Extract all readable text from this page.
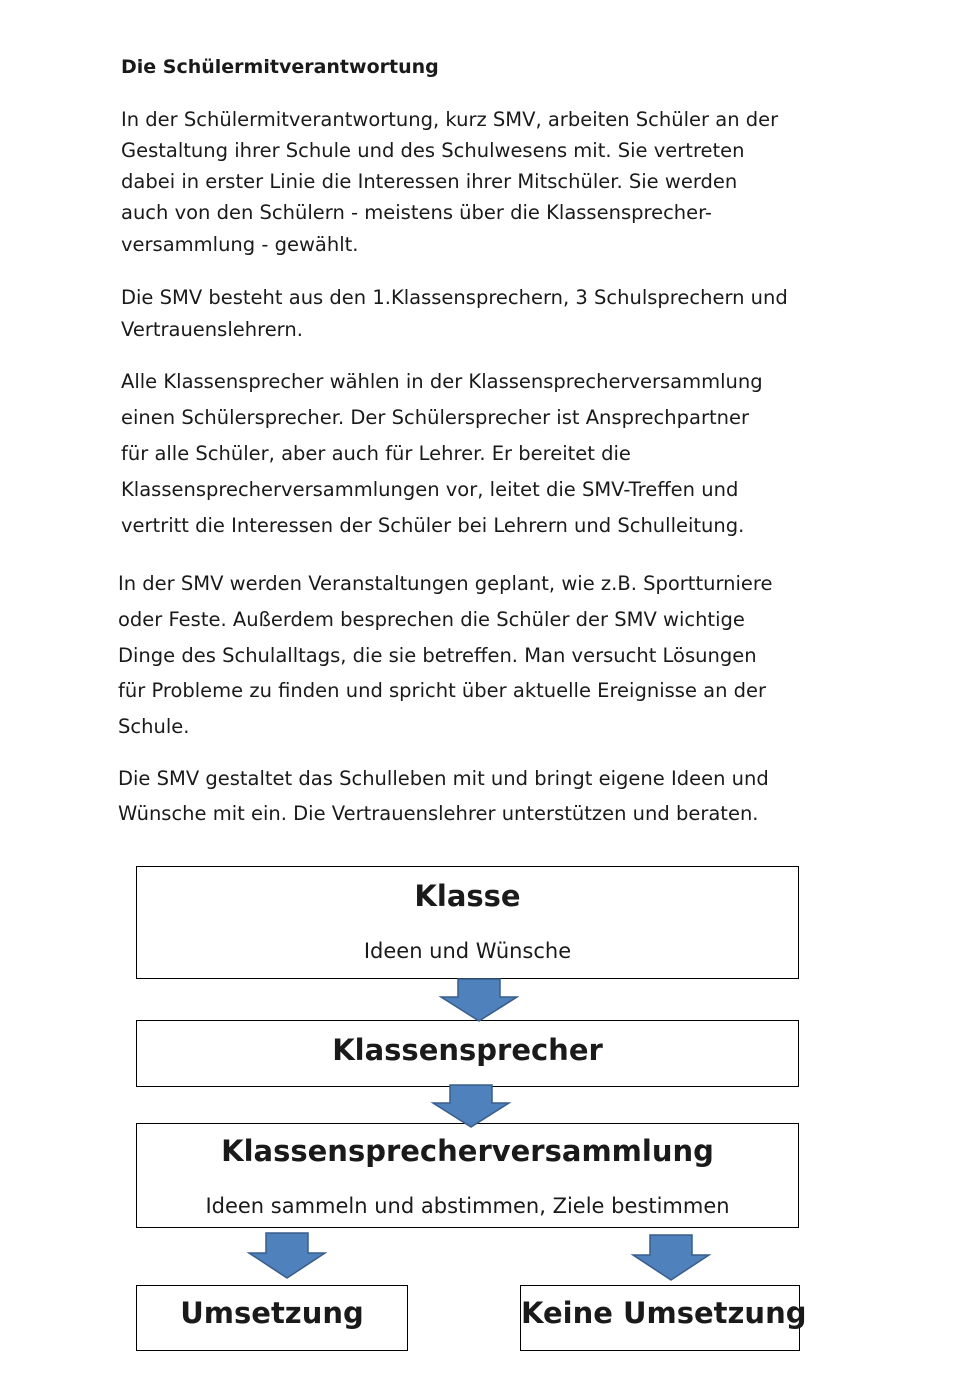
Die Schülermitverantwortung
In der Schülermitverantwortung, kurz SMV, arbeiten Schüler an der
Gestaltung ihrer Schule und des Schulwesens mit. Sie vertreten
dabei in erster Linie die Interessen ihrer Mitschüler. Sie werden
auch von den Schülern - meistens über die Klassensprecher-
versammlung - gewählt.
Die SMV besteht aus den 1.Klassensprechern, 3 Schulsprechern und
Vertrauenslehrern.
Alle Klassensprecher wählen in der Klassensprecherversammlung
einen Schülersprecher. Der Schülersprecher ist Ansprechpartner
für alle Schüler, aber auch für Lehrer. Er bereitet die
Klassensprecherversammlungen vor, leitet die SMV-Treffen und
vertritt die Interessen der Schüler bei Lehrern und Schulleitung.
In der SMV werden Veranstaltungen geplant, wie z.B. Sportturniere
oder Feste. Außerdem besprechen die Schüler der SMV wichtige
Dinge des Schulalltags, die sie betreffen. Man versucht Lösungen
für Probleme zu finden und spricht über aktuelle Ereignisse an der
Schule.
Die SMV gestaltet das Schulleben mit und bringt eigene Ideen und
Wünsche mit ein. Die Vertrauenslehrer unterstützen und beraten.
Klasse
Ideen und Wünsche
Klassensprecher
Klassensprecherversammlung
Ideen sammeln und abstimmen, Ziele bestimmen
Umsetzung	Keine Umsetzung
